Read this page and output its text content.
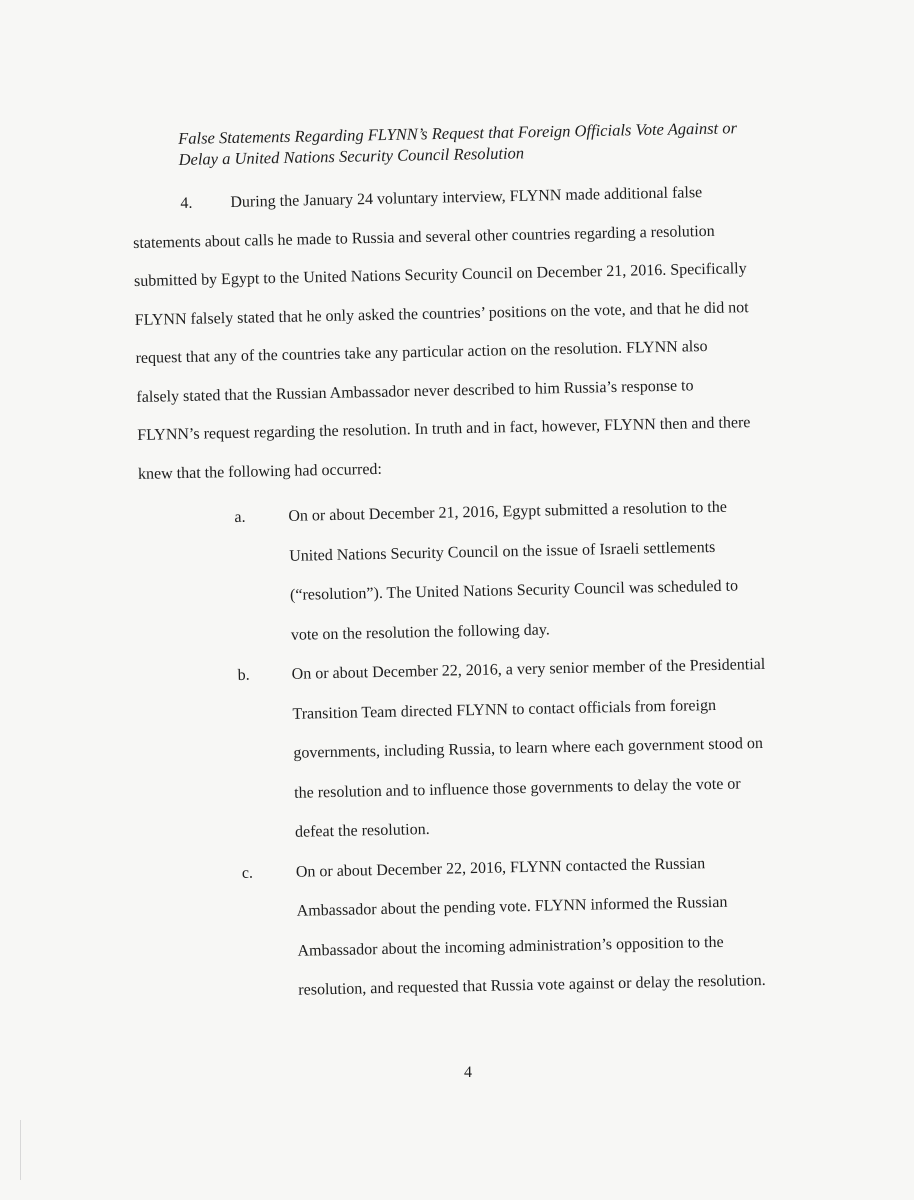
False Statements Regarding FLYNN’s Request that Foreign Officials Vote Against or
Delay a United Nations Security Council Resolution
4. During the January 24 voluntary interview, FLYNN made additional false
statements about calls he made to Russia and several other countries regarding a resolution
submitted by Egypt to the United Nations Security Council on December 21, 2016. Specifically
FLYNN falsely stated that he only asked the countries’ positions on the vote, and that he did not
request that any of the countries take any particular action on the resolution. FLYNN also
falsely stated that the Russian Ambassador never described to him Russia’s response to
FLYNN’s request regarding the resolution. In truth and in fact, however, FLYNN then and there
knew that the following had occurred:
a.	On or about December 21, 2016, Egypt submitted a resolution to the
United Nations Security Council on the issue of Israeli settlements
(“resolution”). The United Nations Security Council was scheduled to
vote on the resolution the following day.
b.	On or about December 22, 2016, a very senior member of the Presidential
Transition Team directed FLYNN to contact officials from foreign
governments, including Russia, to learn where each government stood on
the resolution and to influence those governments to delay the vote or
defeat the resolution.
c.	On or about December 22, 2016, FLYNN contacted the Russian
Ambassador about the pending vote. FLYNN informed the Russian
Ambassador about the incoming administration’s opposition to the
resolution, and requested that Russia vote against or delay the resolution.
4
